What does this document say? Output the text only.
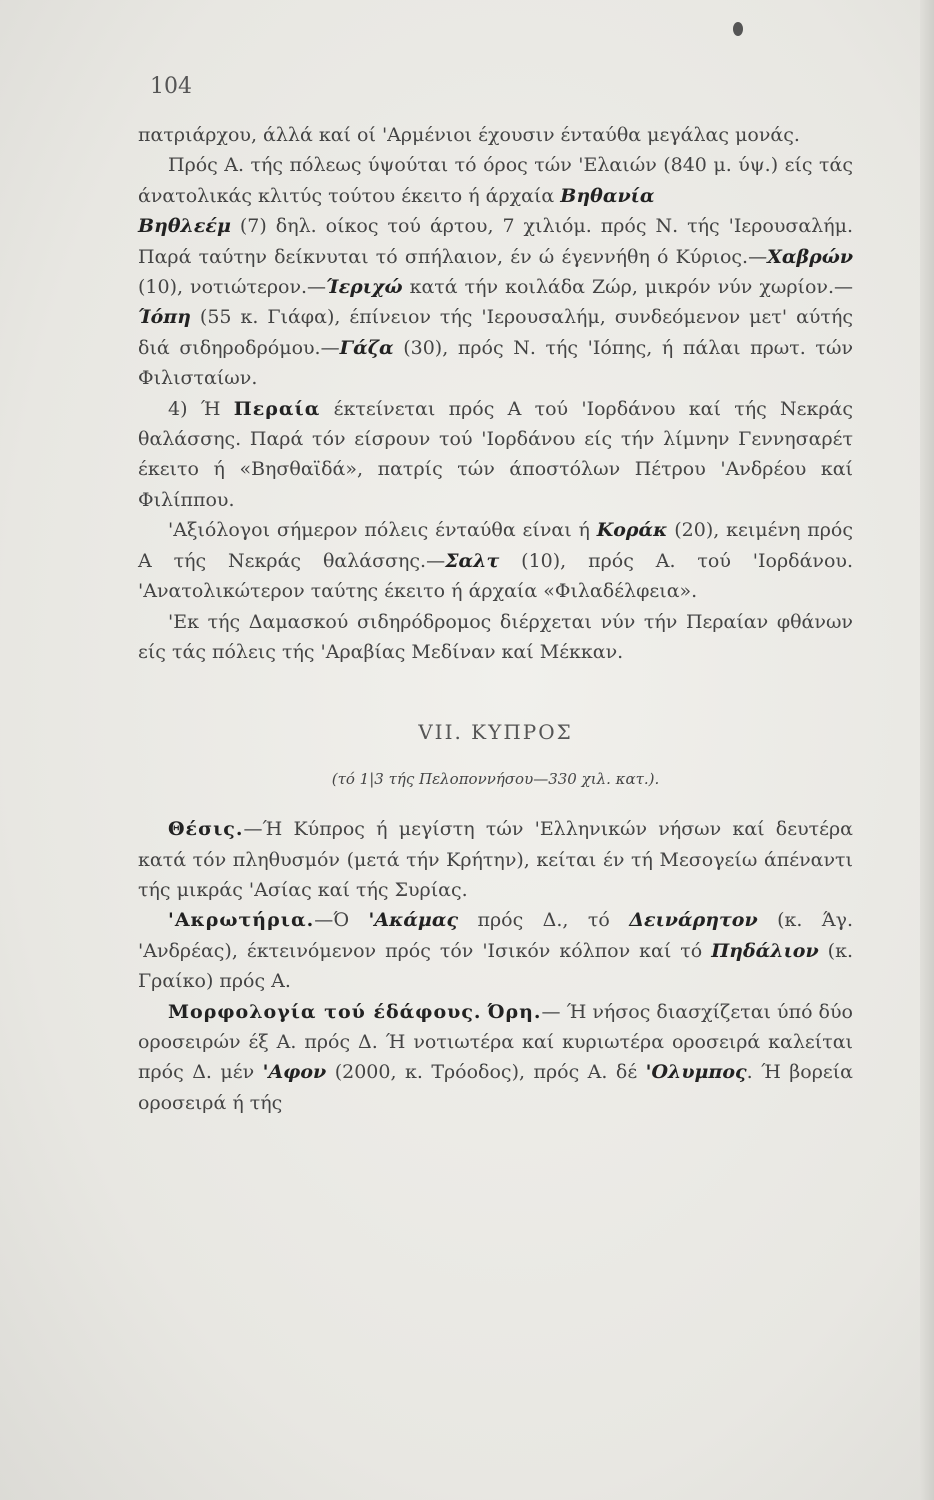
104

πατριάρχου, άλλά καί οί 'Αρμένιοι έχουσιν ένταύθα μεγάλας μονάς.

Πρός Α. τής πόλεως ύψούται τό όρος τών 'Ελαιών (840 μ. ύψ.) είς τάς άνατολικάς κλιτύς τούτου έκειτο ή άρχαία Βηθανία
Βηθλεέμ (7) δηλ. οίκος τού άρτου, 7 χιλιόμ. πρός Ν. τής 'Ιερουσαλήμ. Παρά ταύτην δείκνυται τό σπήλαιον, έν ώ έγεννήθη ό Κύριος.—Χαβρών (10), νοτιώτερον.—Ίεριχώ κατά τήν κοιλάδα Ζώρ, μικρόν νύν χωρίον.—Ίόπη (55 κ. Γιάφα), έπίνειον τής 'Ιερουσαλήμ, συνδεόμενον μετ' αύτής διά σιδηροδρόμου.—Γάζα (30), πρός Ν. τής 'Ιόπης, ή πάλαι πρωτ. τών Φιλισταίων.

4) Ή Περαία έκτείνεται πρός Α τού 'Ιορδάνου καί τής Νεκράς θαλάσσης. Παρά τόν είσρουν τού 'Ιορδάνου είς τήν λίμνην Γεννησαρέτ έκειτο ή «Βησθαϊδά», πατρίς τών άποστόλων Πέτρου 'Ανδρέου καί Φιλίππου.

'Αξιόλογοι σήμερον πόλεις ένταύθα είναι ή Κοράκ (20), κειμένη πρός Α τής Νεκράς θαλάσσης.—Σαλτ (10), πρός Α. τού 'Ιορδάνου. 'Ανατολικώτερον ταύτης έκειτο ή άρχαία «Φιλαδέλφεια».

'Εκ τής Δαμασκού σιδηρόδρομος διέρχεται νύν τήν Περαίαν φθάνων είς τάς πόλεις τής 'Αραβίας Μεδίναν καί Μέκκαν.

VII. ΚΥΠΡΟΣ

(τό 1|3 τής Πελοποννήσου—330 χιλ. κατ.).

Θέσις.—Ή Κύπρος ή μεγίστη τών 'Ελληνικών νήσων καί δευτέρα κατά τόν πληθυσμόν (μετά τήν Κρήτην), κείται έν τή Μεσογείω άπέναντι τής μικράς 'Ασίας καί τής Συρίας.

'Ακρωτήρια.—Ό 'Ακάμας πρός Δ., τό Δεινάρητον (κ. Άγ. 'Ανδρέας), έκτεινόμενον πρός τόν 'Ισικόν κόλπον καί τό Πηδάλιον (κ. Γραίκο) πρός Α.

Μορφολογία τού έδάφους. Όρη.— Ή νήσος διασχίζεται ύπό δύο οροσειρών έξ Α. πρός Δ. Ή νοτιωτέρα καί κυριωτέρα οροσειρά καλείται πρός Δ. μέν 'Αφον (2000, κ. Τρόοδος), πρός Α. δέ 'Ολυμπος. Ή βορεία οροσειρά ή τής
